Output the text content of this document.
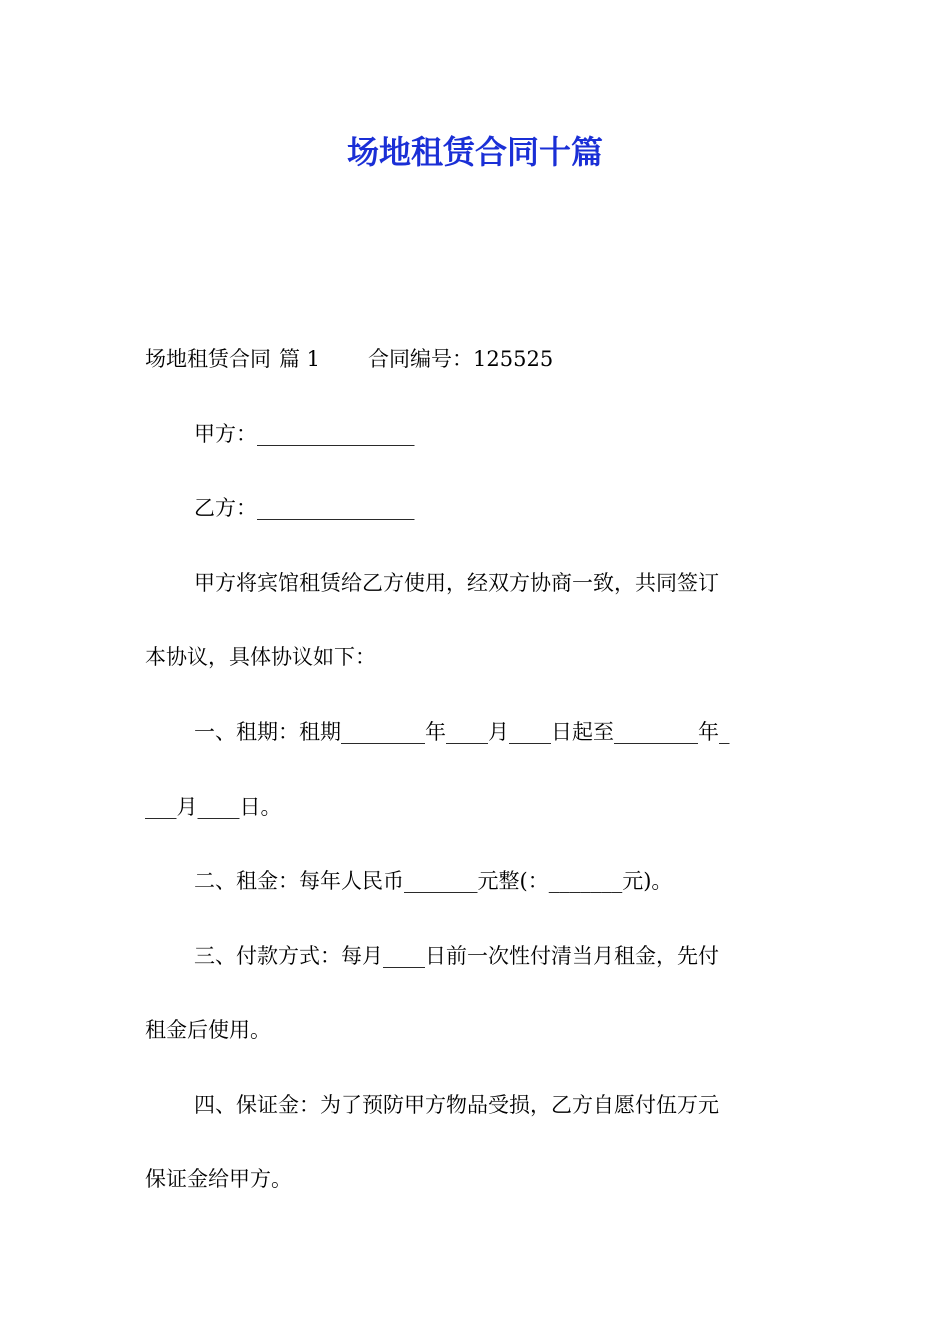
场地租赁合同十篇

场地租赁合同 篇 1 合同编号：125525

甲方：_______________

乙方：_______________

甲方将宾馆租赁给乙方使用，经双方协商一致，共同签订

本协议，具体协议如下：

一、租期：租期________年____月____日起至________年_

___月____日。

二、租金：每年人民币_______元整(：_______元)。

三、付款方式：每月____日前一次性付清当月租金，先付

租金后使用。

四、保证金：为了预防甲方物品受损，乙方自愿付伍万元

保证金给甲方。
